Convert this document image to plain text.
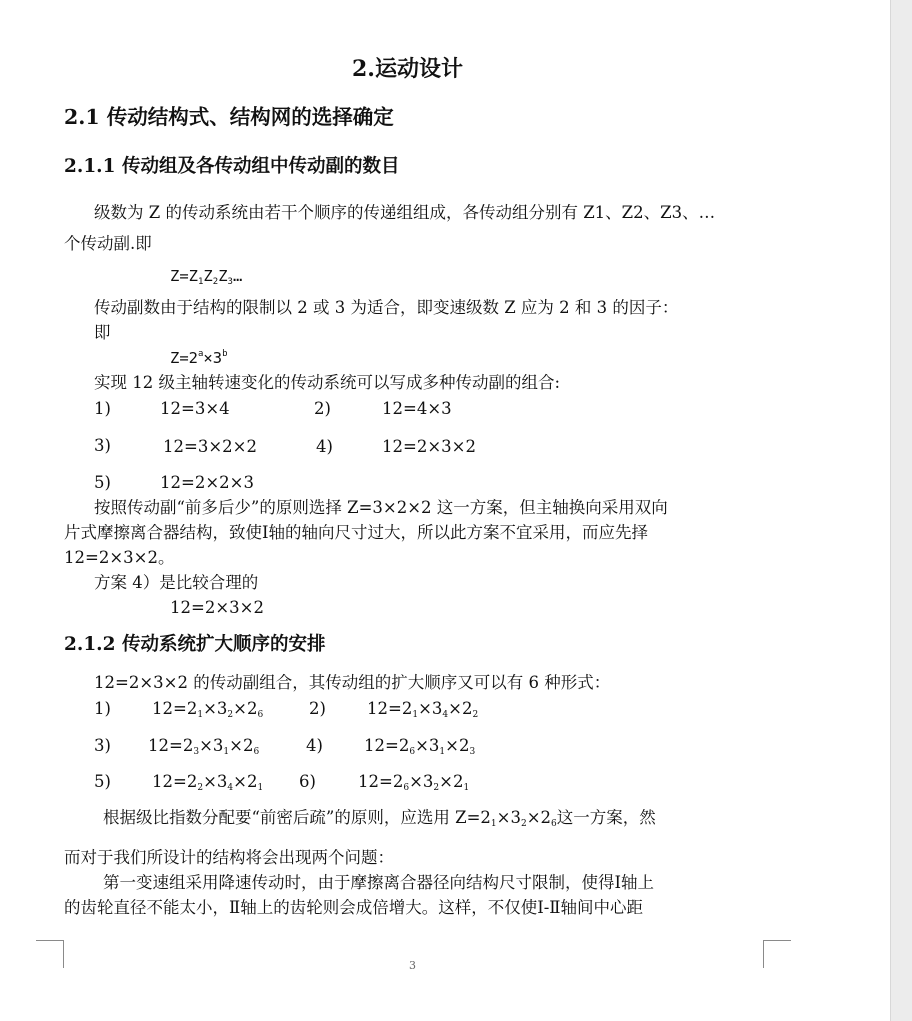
2.运动设计
2.1 传动结构式、结构网的选择确定
2.1.1 传动组及各传动组中传动副的数目
级数为 Z 的传动系统由若干个顺序的传递组组成，各传动组分别有 Z1、Z2、Z3、…
个传动副.即
$Z=Z_1Z_2Z_3\dots$
传动副数由于结构的限制以 2 或 3 为适合，即变速级数 Z 应为 2 和 3 的因子：
即
$Z=2^a\times 3^b$
实现 12 级主轴转速变化的传动系统可以写成多种传动副的组合:
1)	12=3×4	2)	12=4×3
3)	12=3×2×2	4)	12=2×3×2
5)	12=2×2×3
按照传动副“前多后少”的原则选择 Z=3×2×2 这一方案，但主轴换向采用双向
片式摩擦离合器结构，致使Ⅰ轴的轴向尺寸过大，所以此方案不宜采用，而应先择
12=2×3×2。
方案 4）是比较合理的
12=2×3×2
2.1.2 传动系统扩大顺序的安排
12=2×3×2 的传动副组合，其传动组的扩大顺序又可以有 6 种形式：
1) $12=2_1\times 3_2\times 2_6$	2) $12=2_1\times 3_4\times 2_2$
3) $12=2_3\times 3_1\times 2_6$	4) $12=2_6\times 3_1\times 2_3$
5) $12=2_2\times 3_4\times 2_1$ 6)	$12=2_6\times 3_2\times 2_1$
根据级比指数分配要“前密后疏”的原则，应选用 $Z=2_1\times 3_2\times 2_6$这一方案，然
而对于我们所设计的结构将会出现两个问题：
第一变速组采用降速传动时，由于摩擦离合器径向结构尺寸限制，使得Ⅰ轴上
的齿轮直径不能太小，Ⅱ轴上的齿轮则会成倍增大。这样，不仅使Ⅰ-Ⅱ轴间中心距
3
